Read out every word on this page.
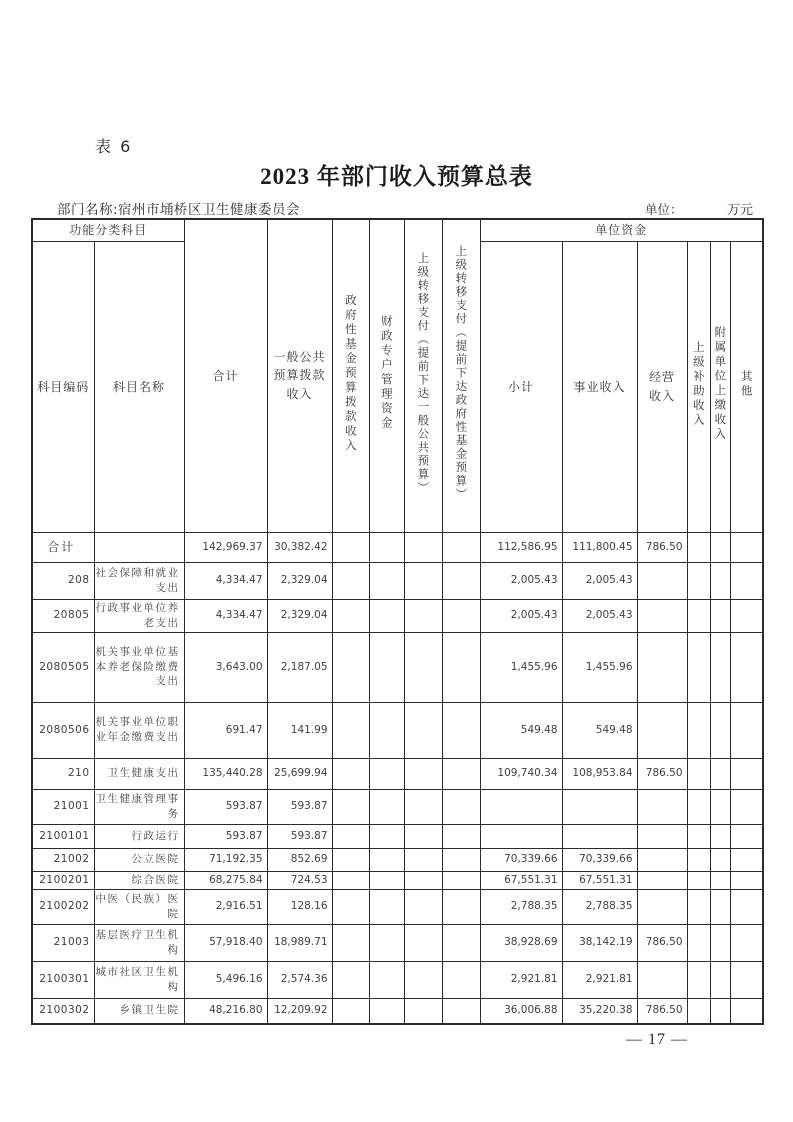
表 6
2023 年部门收入预算总表
部门名称:宿州市埇桥区卫生健康委员会	单位：	万元
功能分类科目		合计	一般公共预算拨款收入	政府性基金预算拨款收入	财政专户管理资金	上级转移支付（提前下达一般公共预算）	上级转移支付（提前下达政府性基金预算）	单位资金					
科目编码	科目名称							小计	事业收入	经营收入	上级补助收入	附属单位上缴收入	其他
合计		142,969.37	30,382.42					112,586.95	111,800.45	786.50			
208	社会保障和就业支出	4,334.47	2,329.04					2,005.43	2,005.43				
20805	行政事业单位养老支出	4,334.47	2,329.04					2,005.43	2,005.43				
2080505	机关事业单位基本养老保险缴费支出	3,643.00	2,187.05					1,455.96	1,455.96				
2080506	机关事业单位职业年金缴费支出	691.47	141.99					549.48	549.48				
210	卫生健康支出	135,440.28	25,699.94					109,740.34	108,953.84	786.50			
21001	卫生健康管理事务	593.87	593.87										
2100101	行政运行	593.87	593.87										
21002	公立医院	71,192.35	852.69					70,339.66	70,339.66				
2100201	综合医院	68,275.84	724.53					67,551.31	67,551.31				
2100202	中医（民族）医院	2,916.51	128.16					2,788.35	2,788.35				
21003	基层医疗卫生机构	57,918.40	18,989.71					38,928.69	38,142.19	786.50			
2100301	城市社区卫生机构	5,496.16	2,574.36					2,921.81	2,921.81				
2100302	乡镇卫生院	48,216.80	12,209.92					36,006.88	35,220.38	786.50			
— 17 —
